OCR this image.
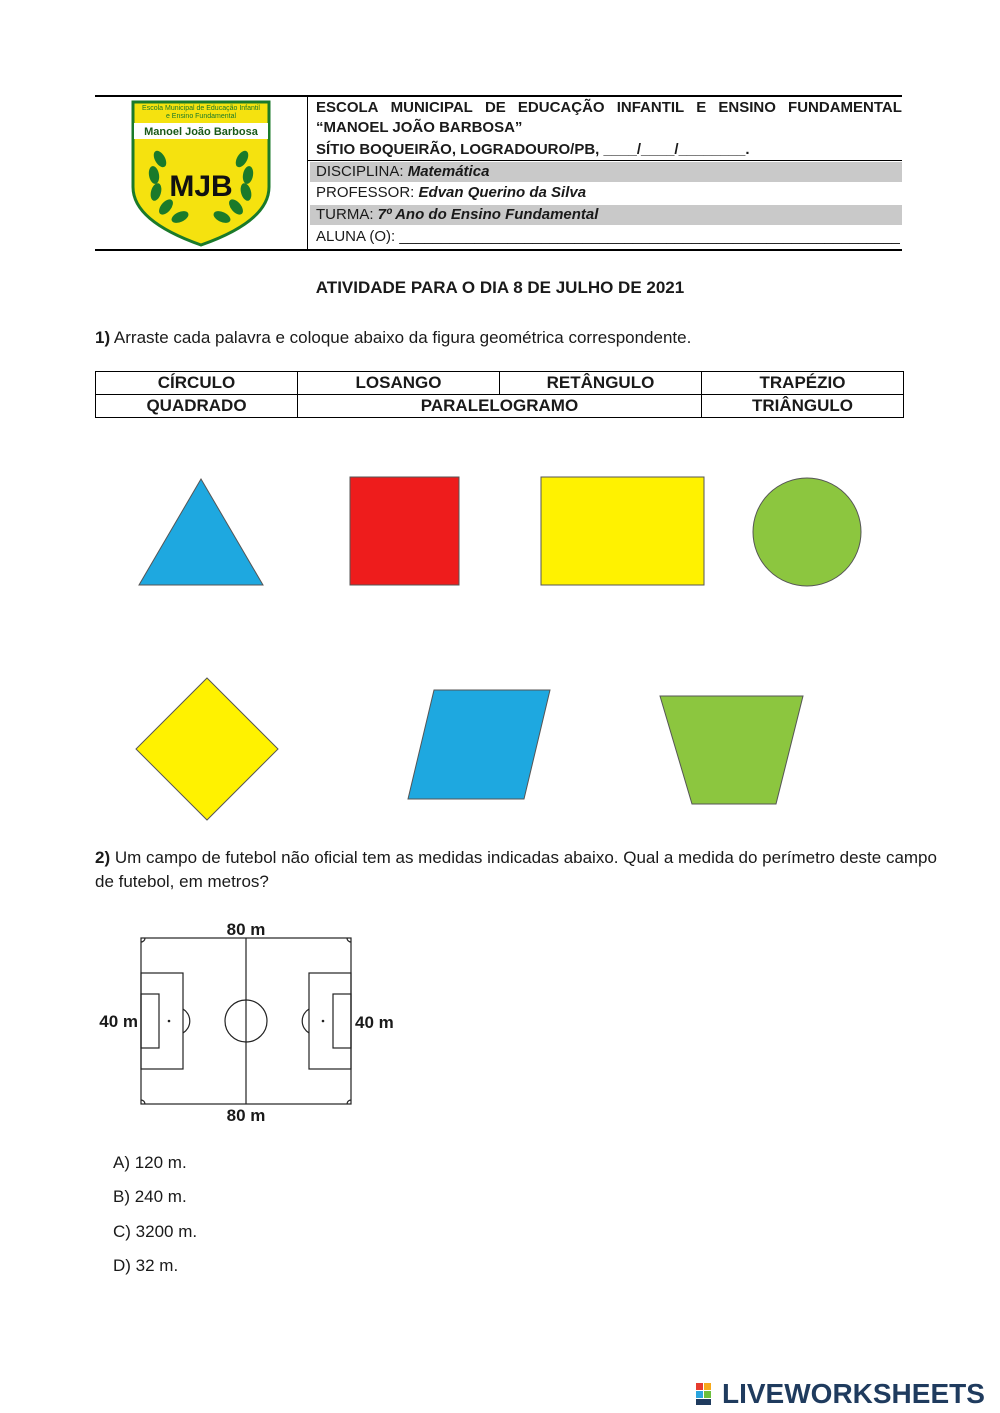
Escola Municipal de Educação Infantil
e Ensino Fundamental
Manoel João Barbosa
MJB
ESCOLA MUNICIPAL DE EDUCAÇÃO INFANTIL E ENSINO FUNDAMENTAL
“MANOEL JOÃO BARBOSA”
SÍTIO BOQUEIRÃO, LOGRADOURO/PB, ____/____/________.
DISCIPLINA: Matemática
PROFESSOR: Edvan Querino da Silva
TURMA: 7º Ano do Ensino Fundamental
ALUNA (O): ____________________________________________________________
ATIVIDADE PARA O DIA 8 DE JULHO DE 2021
1) Arraste cada palavra e coloque abaixo da figura geométrica correspondente.
CÍRCULO	LOSANGO	RETÂNGULO	TRAPÉZIO
QUADRADO	PARALELOGRAMO		TRIÂNGULO
2) Um campo de futebol não oficial tem as medidas indicadas abaixo. Qual a medida do perímetro deste campo
de futebol, em metros?
80 m
80 m
40 m	40 m
A) 120 m.
B) 240 m.
C) 3200 m.
D) 32 m.
LIVEWORKSHEETS
